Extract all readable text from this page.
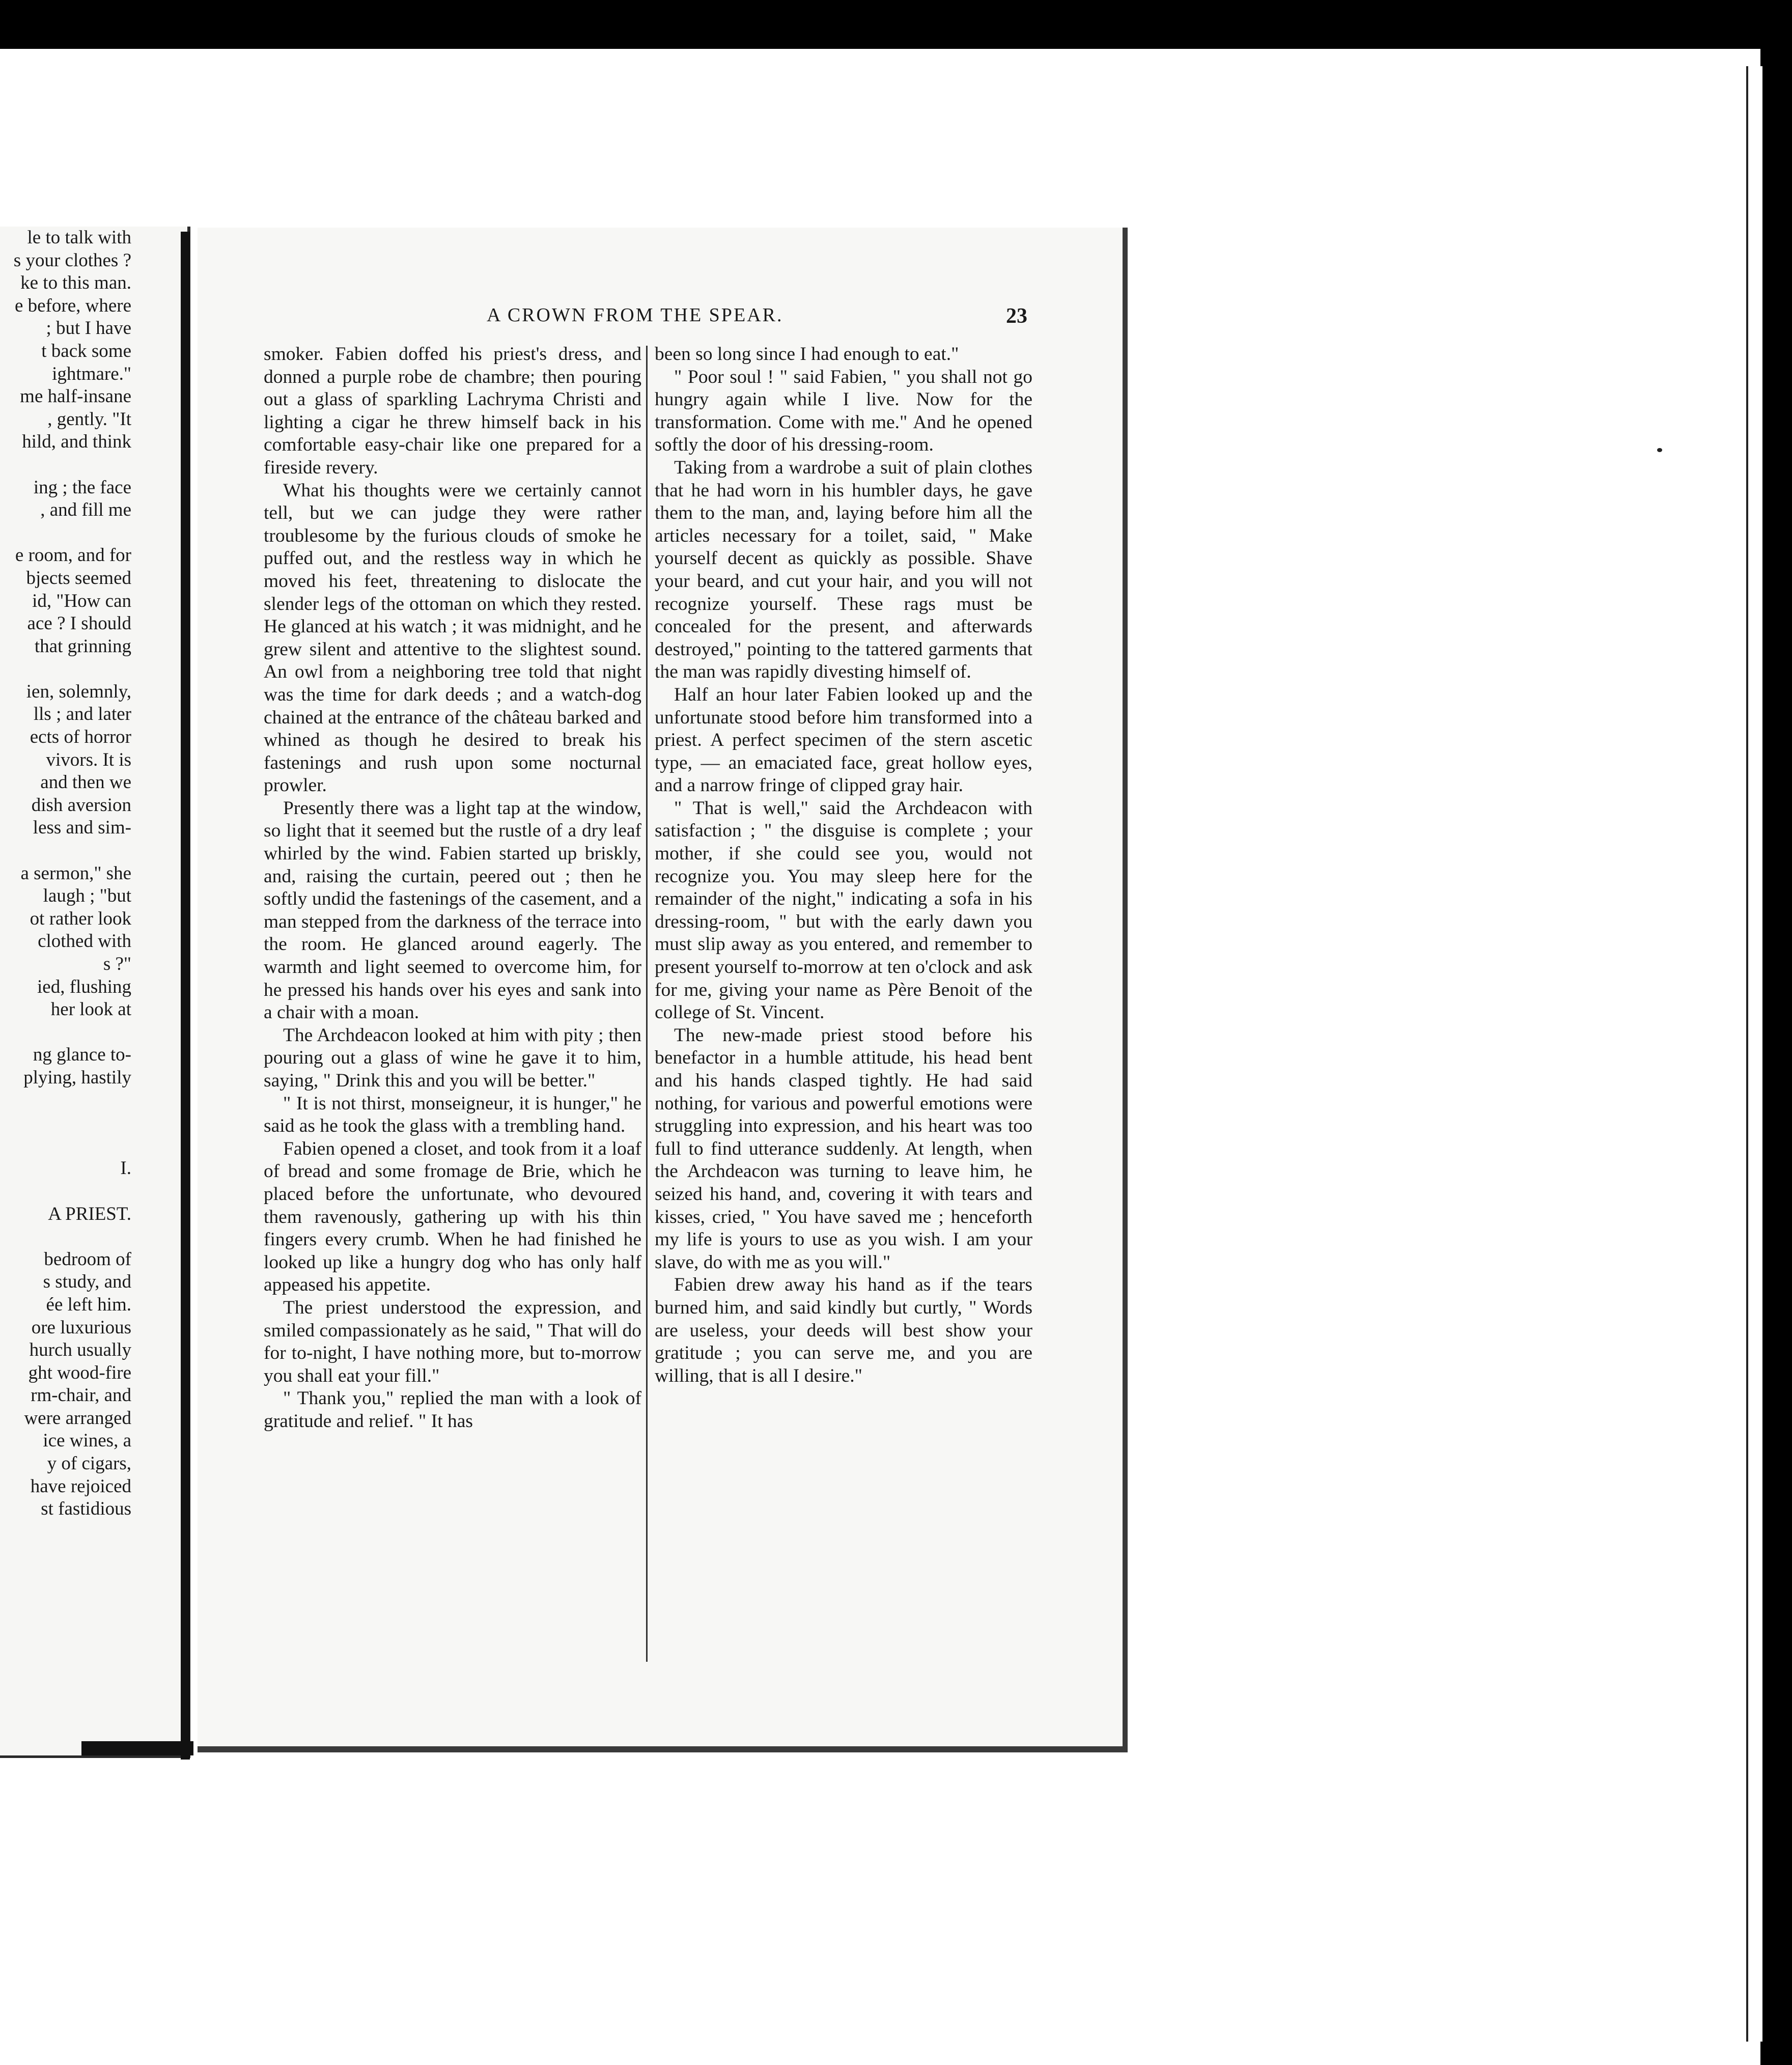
le to talk with
s your clothes ?
ke to this man.
e before, where
; but I have
t back some
ightmare."
me half-insane
, gently. "It
hild, and think
ing ; the face
, and fill me
e room, and for
bjects seemed
id, "How can
ace ? I should
that grinning
ien, solemnly,
lls ; and later
ects of horror
vivors. It is
and then we
dish aversion
less and sim-
a sermon," she
laugh ; "but
ot rather look
clothed with
s ?"
ied, flushing
her look at
ng glance to-
plying, hastily
I.
A PRIEST.
bedroom of
s study, and
ée left him.
ore luxurious
hurch usually
ght wood-fire
rm-chair, and
were arranged
ice wines, a
y of cigars,
have rejoiced
st fastidious
A CROWN FROM THE SPEAR.	23

smoker. Fabien doffed his priest's dress, and donned a purple robe de chambre; then pouring out a glass of sparkling Lachryma Christi and lighting a cigar he threw himself back in his comfortable easy-chair like one prepared for a fireside revery.

What his thoughts were we certainly cannot tell, but we can judge they were rather troublesome by the furious clouds of smoke he puffed out, and the restless way in which he moved his feet, threatening to dislocate the slender legs of the ottoman on which they rested. He glanced at his watch ; it was midnight, and he grew silent and attentive to the slightest sound. An owl from a neighboring tree told that night was the time for dark deeds ; and a watch-dog chained at the entrance of the château barked and whined as though he desired to break his fastenings and rush upon some nocturnal prowler.

Presently there was a light tap at the window, so light that it seemed but the rustle of a dry leaf whirled by the wind. Fabien started up briskly, and, raising the curtain, peered out ; then he softly undid the fastenings of the casement, and a man stepped from the darkness of the terrace into the room. He glanced around eagerly. The warmth and light seemed to overcome him, for he pressed his hands over his eyes and sank into a chair with a moan.

The Archdeacon looked at him with pity ; then pouring out a glass of wine he gave it to him, saying, " Drink this and you will be better."

" It is not thirst, monseigneur, it is hunger," he said as he took the glass with a trembling hand.

Fabien opened a closet, and took from it a loaf of bread and some fromage de Brie, which he placed before the unfortunate, who devoured them ravenously, gathering up with his thin fingers every crumb. When he had finished he looked up like a hungry dog who has only half appeased his appetite.

The priest understood the expression, and smiled compassionately as he said, " That will do for to-night, I have nothing more, but to-morrow you shall eat your fill."

" Thank you," replied the man with a look of gratitude and relief. " It has

been so long since I had enough to eat."

" Poor soul ! " said Fabien, " you shall not go hungry again while I live. Now for the transformation. Come with me." And he opened softly the door of his dressing-room.

Taking from a wardrobe a suit of plain clothes that he had worn in his humbler days, he gave them to the man, and, laying before him all the articles necessary for a toilet, said, " Make yourself decent as quickly as possible. Shave your beard, and cut your hair, and you will not recognize yourself. These rags must be concealed for the present, and afterwards destroyed," pointing to the tattered garments that the man was rapidly divesting himself of.

Half an hour later Fabien looked up and the unfortunate stood before him transformed into a priest. A perfect specimen of the stern ascetic type, — an emaciated face, great hollow eyes, and a narrow fringe of clipped gray hair.

" That is well," said the Archdeacon with satisfaction ; " the disguise is complete ; your mother, if she could see you, would not recognize you. You may sleep here for the remainder of the night," indicating a sofa in his dressing-room, " but with the early dawn you must slip away as you entered, and remember to present yourself to-morrow at ten o'clock and ask for me, giving your name as Père Benoit of the college of St. Vincent.

The new-made priest stood before his benefactor in a humble attitude, his head bent and his hands clasped tightly. He had said nothing, for various and powerful emotions were struggling into expression, and his heart was too full to find utterance suddenly. At length, when the Archdeacon was turning to leave him, he seized his hand, and, covering it with tears and kisses, cried, " You have saved me ; henceforth my life is yours to use as you wish. I am your slave, do with me as you will."

Fabien drew away his hand as if the tears burned him, and said kindly but curtly, " Words are useless, your deeds will best show your gratitude ; you can serve me, and you are willing, that is all I desire."
